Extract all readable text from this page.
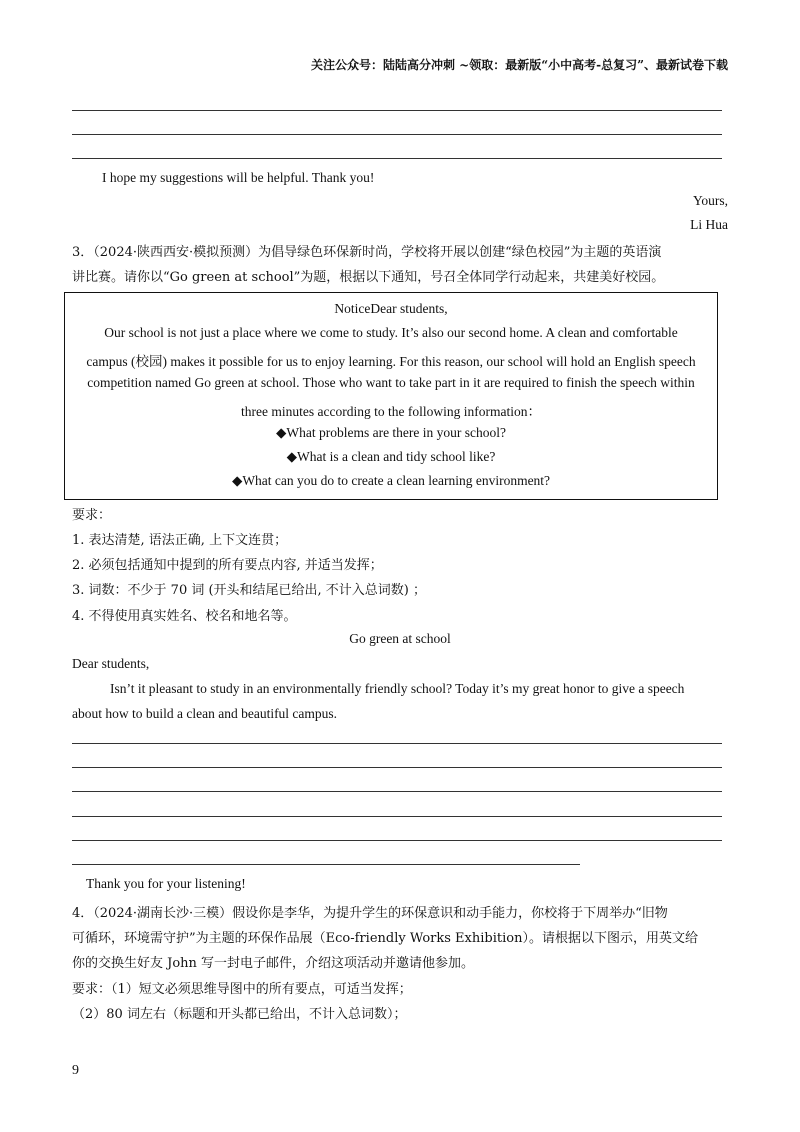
关注公众号：陆陆高分冲刺 ~领取：最新版“小中高考-总复习”、最新试卷下载
I hope my suggestions will be helpful. Thank you!
Yours,
Li Hua
3．（2024·陕西西安·模拟预测）为倡导绿色环保新时尚，学校将开展以创建“绿色校园”为主题的英语演
讲比赛。请你以“Go green at school”为题，根据以下通知，号召全体同学行动起来，共建美好校园。
NoticeDear students,
Our school is not just a place where we come to study. It’s also our second home. A clean and comfortable
campus (校园) makes it possible for us to enjoy learning. For this reason, our school will hold an English speech
competition named Go green at school. Those who want to take part in it are required to finish the speech within
three minutes according to the following information：
◆What problems are there in your school?
◆What is a clean and tidy school like?
◆What can you do to create a clean learning environment?
要求：
1. 表达清楚, 语法正确, 上下文连贯；
2. 必须包括通知中提到的所有要点内容, 并适当发挥；
3. 词数：不少于 70 词 (开头和结尾已给出, 不计入总词数) ；
4. 不得使用真实姓名、校名和地名等。
Go green at school
Dear students,
Isn’t it pleasant to study in an environmentally friendly school? Today it’s my great honor to give a speech
about how to build a clean and beautiful campus.
Thank you for your listening!
4．（2024·湖南长沙·三模）假设你是李华，为提升学生的环保意识和动手能力，你校将于下周举办“旧物
可循环，环境需守护”为主题的环保作品展（Eco-friendly Works Exhibition）。请根据以下图示，用英文给
你的交换生好友 John 写一封电子邮件，介绍这项活动并邀请他参加。
要求：（1）短文必须思维导图中的所有要点，可适当发挥；
（2）80 词左右（标题和开头都已给出，不计入总词数）；
9
